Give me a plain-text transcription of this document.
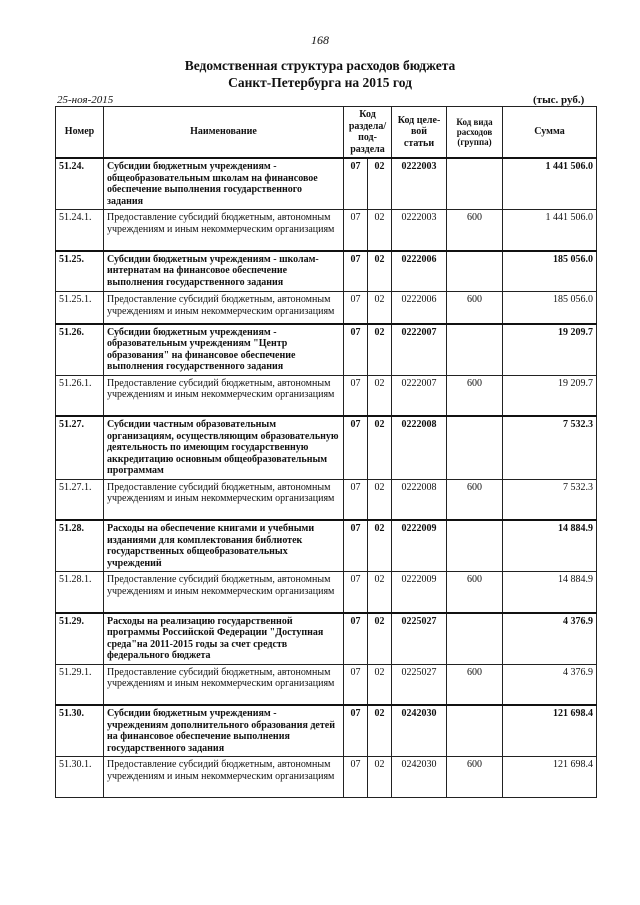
168
Ведомственная структура расходов бюджета
Санкт-Петербурга на 2015 год
25-ноя-2015	(тыс. руб.)
Номер	Наименование	Код раздела/ под-раздела		Код целе-вой статьи	Код вида расходов (группа)	Сумма
51.24.	Субсидии бюджетным учреждениям - общеобразовательным школам на финансовое обеспечение выполнения государственного задания	07	02	0222003		1 441 506.0
51.24.1.	Предоставление субсидий бюджетным, автономным учреждениям и иным некоммерческим организациям	07	02	0222003	600	1 441 506.0
51.25.	Субсидии бюджетным учреждениям - школам-интернатам на финансовое обеспечение выполнения государственного задания	07	02	0222006		185 056.0
51.25.1.	Предоставление субсидий бюджетным, автономным учреждениям и иным некоммерческим организациям	07	02	0222006	600	185 056.0
51.26.	Субсидии бюджетным учреждениям - образовательным учреждениям "Центр образования" на финансовое обеспечение выполнения государственного задания	07	02	0222007		19 209.7
51.26.1.	Предоставление субсидий бюджетным, автономным учреждениям и иным некоммерческим организациям	07	02	0222007	600	19 209.7
51.27.	Субсидии частным образовательным организациям, осуществляющим образовательную деятельность по имеющим государственную аккредитацию основным общеобразовательным программам	07	02	0222008		7 532.3
51.27.1.	Предоставление субсидий бюджетным, автономным учреждениям и иным некоммерческим организациям	07	02	0222008	600	7 532.3
51.28.	Расходы на обеспечение книгами и учебными изданиями для комплектования библиотек государственных общеобразовательных учреждений	07	02	0222009		14 884.9
51.28.1.	Предоставление субсидий бюджетным, автономным учреждениям и иным некоммерческим организациям	07	02	0222009	600	14 884.9
51.29.	Расходы на реализацию государственной программы Российской Федерации "Доступная среда"на 2011-2015 годы за счет средств федерального бюджета	07	02	0225027		4 376.9
51.29.1.	Предоставление субсидий бюджетным, автономным учреждениям и иным некоммерческим организациям	07	02	0225027	600	4 376.9
51.30.	Субсидии бюджетным учреждениям - учреждениям дополнительного образования детей на финансовое обеспечение выполнения государственного задания	07	02	0242030		121 698.4
51.30.1.	Предоставление субсидий бюджетным, автономным учреждениям и иным некоммерческим организациям	07	02	0242030	600	121 698.4
